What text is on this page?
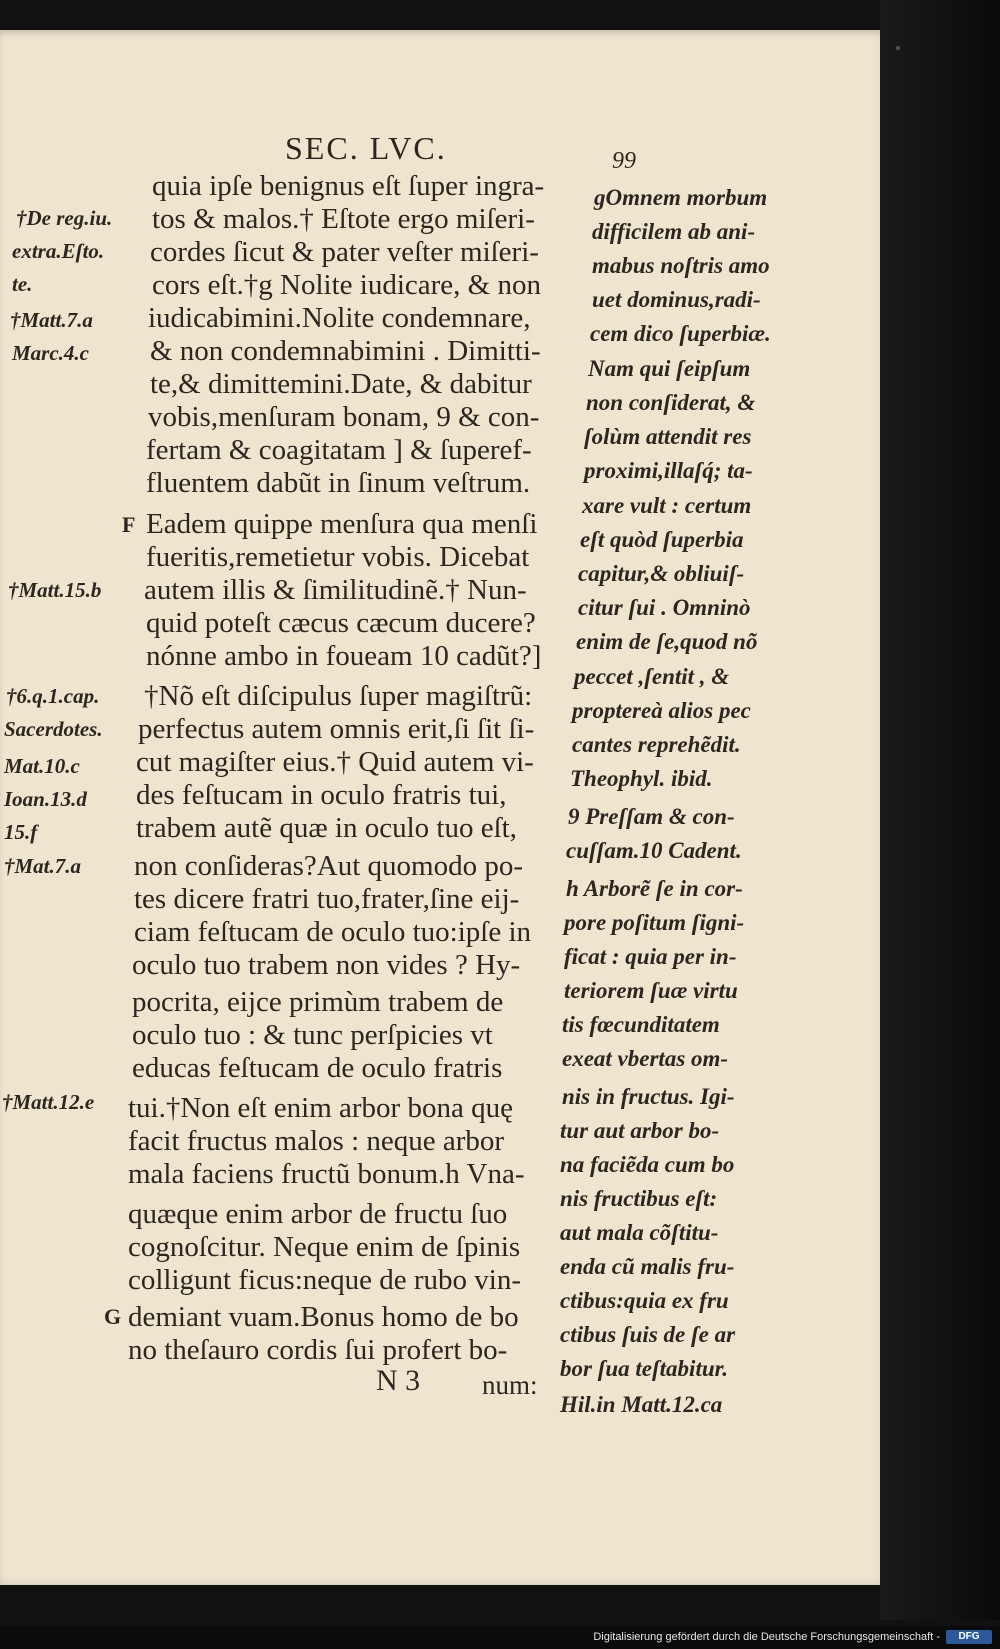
SEC. LVC.	99
quia ipſe benignus eſt ſuper ingra-
tos & malos.† Eſtote ergo miſeri-
cordes ſicut & pater veſter miſeri-
cors eſt.†g Nolite iudicare, & non
iudicabimini.Nolite condemnare,
& non condemnabimini . Dimitti-
te,& dimittemini.Date, & dabitur
vobis,menſuram bonam, 9 & con-
fertam & coagitatam ] & ſuperef-
fluentem dabũt in ſinum veſtrum.
Eadem quippe menſura qua menſi
fueritis,remetietur vobis. Dicebat
autem illis & ſimilitudinẽ.† Nun-
quid poteſt cæcus cæcum ducere?
nónne ambo in foueam 10 cadũt?]
†Nõ eſt diſcipulus ſuper magiſtrũ:
perfectus autem omnis erit,ſi ſit ſi-
cut magiſter eius.† Quid autem vi-
des feſtucam in oculo fratris tui,
trabem autẽ quæ in oculo tuo eſt,
non conſideras?Aut quomodo po-
tes dicere fratri tuo,frater,ſine eij-
ciam feſtucam de oculo tuo:ipſe in
oculo tuo trabem non vides ? Hy-
pocrita, eijce primùm trabem de
oculo tuo : & tunc perſpicies vt
educas feſtucam de oculo fratris
tui.†Non eſt enim arbor bona quę
facit fructus malos : neque arbor
mala faciens fructũ bonum.h Vna-
quæque enim arbor de fructu ſuo
cognoſcitur. Neque enim de ſpinis
colligunt ficus:neque de rubo vin-
demiant vuam.Bonus homo de bo
no theſauro cordis ſui profert bo-
F
G
†De reg.iu.
extra.Eſto.
te.
†Matt.7.a
Marc.4.c
†Matt.15.b
†6.q.1.cap.
Sacerdotes.
Mat.10.c
Ioan.13.d
15.f
†Mat.7.a
†Matt.12.e
gOmnem morbum
difficilem ab ani-
mabus noſtris amo
uet dominus,radi-
cem dico ſuperbiæ.
Nam qui ſeipſum
non conſiderat, &
ſolùm attendit res
proximi,illaſq́; ta-
xare vult : certum
eſt quòd ſuperbia
capitur,& obliuiſ-
citur ſui . Omninò
enim de ſe,quod nõ
peccet ,ſentit , &
proptereà alios pec
cantes reprehẽdit.
Theophyl. ibid.
9 Preſſam & con-
cuſſam.10 Cadent.
h Arborẽ ſe in cor-
pore poſitum ſigni-
ficat : quia per in-
teriorem ſuæ virtu
tis fœcunditatem
exeat vbertas om-
nis in fructus. Igi-
tur aut arbor bo-
na faciẽda cum bo
nis fructibus eſt:
aut mala cõſtitu-
enda cũ malis fru-
ctibus:quia ex fru
ctibus ſuis de ſe ar
bor ſua teſtabitur.
Hil.in Matt.12.ca
N 3 num:
Digitalisierung gefördert durch die Deutsche Forschungsgemeinschaft -	DFG
